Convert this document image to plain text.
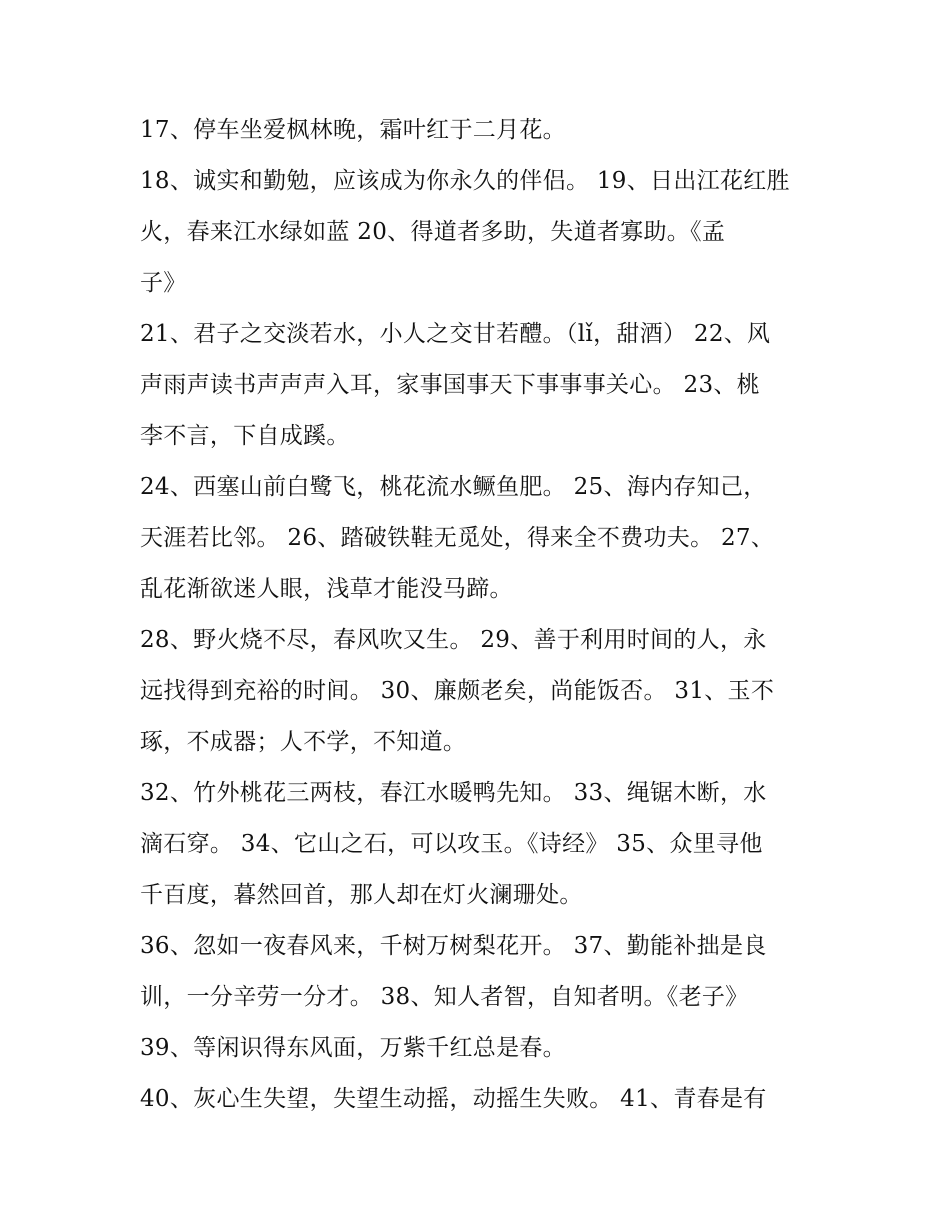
17、停车坐爱枫林晚，霜叶红于二月花。
18、诚实和勤勉，应该成为你永久的伴侣。 19、日出江花红胜
火，春来江水绿如蓝 20、得道者多助，失道者寡助。《孟
子》
21、君子之交淡若水，小人之交甘若醴。（lǐ，甜酒） 22、风
声雨声读书声声声入耳，家事国事天下事事事关心。 23、桃
李不言，下自成蹊。
24、西塞山前白鹭飞，桃花流水鳜鱼肥。 25、海内存知己，
天涯若比邻。 26、踏破铁鞋无觅处，得来全不费功夫。 27、
乱花渐欲迷人眼，浅草才能没马蹄。
28、野火烧不尽，春风吹又生。 29、善于利用时间的人，永
远找得到充裕的时间。 30、廉颇老矣，尚能饭否。 31、玉不
琢，不成器；人不学，不知道。
32、竹外桃花三两枝，春江水暖鸭先知。 33、绳锯木断，水
滴石穿。 34、它山之石，可以攻玉。《诗经》 35、众里寻他
千百度，暮然回首，那人却在灯火澜珊处。
36、忽如一夜春风来，千树万树梨花开。 37、勤能补拙是良
训，一分辛劳一分才。 38、知人者智，自知者明。《老子》
39、等闲识得东风面，万紫千红总是春。
40、灰心生失望，失望生动摇，动摇生失败。 41、青春是有
